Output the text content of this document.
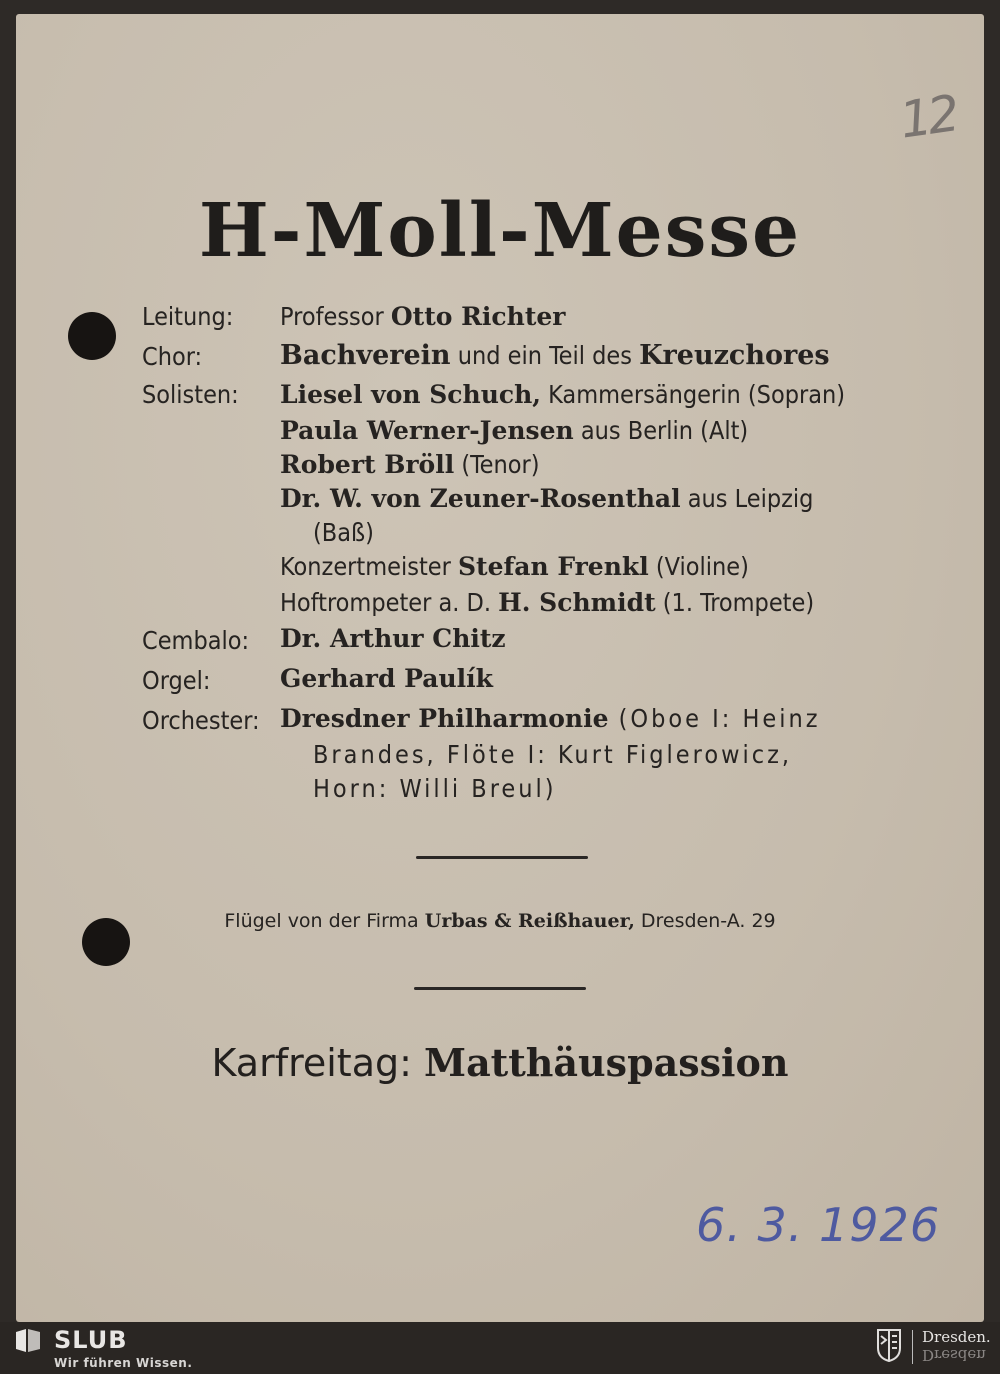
12
H-Moll-Messe
Leitung: Professor Otto Richter
Chor:	Bachverein und ein Teil des Kreuzchores
Solisten: Liesel von Schuch, Kammersängerin (Sopran)
Paula Werner-Jensen aus Berlin (Alt)
Robert Bröll (Tenor)
Dr. W. von Zeuner-Rosenthal aus Leipzig
(Baß)
Konzertmeister Stefan Frenkl (Violine)
Hoftrompeter a. D. H. Schmidt (1. Trompete)
Cembalo: Dr. Arthur Chitz
Orgel:	Gerhard Paulík
Orchester: Dresdner Philharmonie (Oboe I: Heinz
Brandes, Flöte I: Kurt Figlerowicz,
Horn: Willi Breul)
Flügel von der Firma Urbas & Reißhauer, Dresden-A. 29
Karfreitag: Matthäuspassion
6. 3. 1926
SLUB
Wir führen Wissen.
Dresden.
Dresden
